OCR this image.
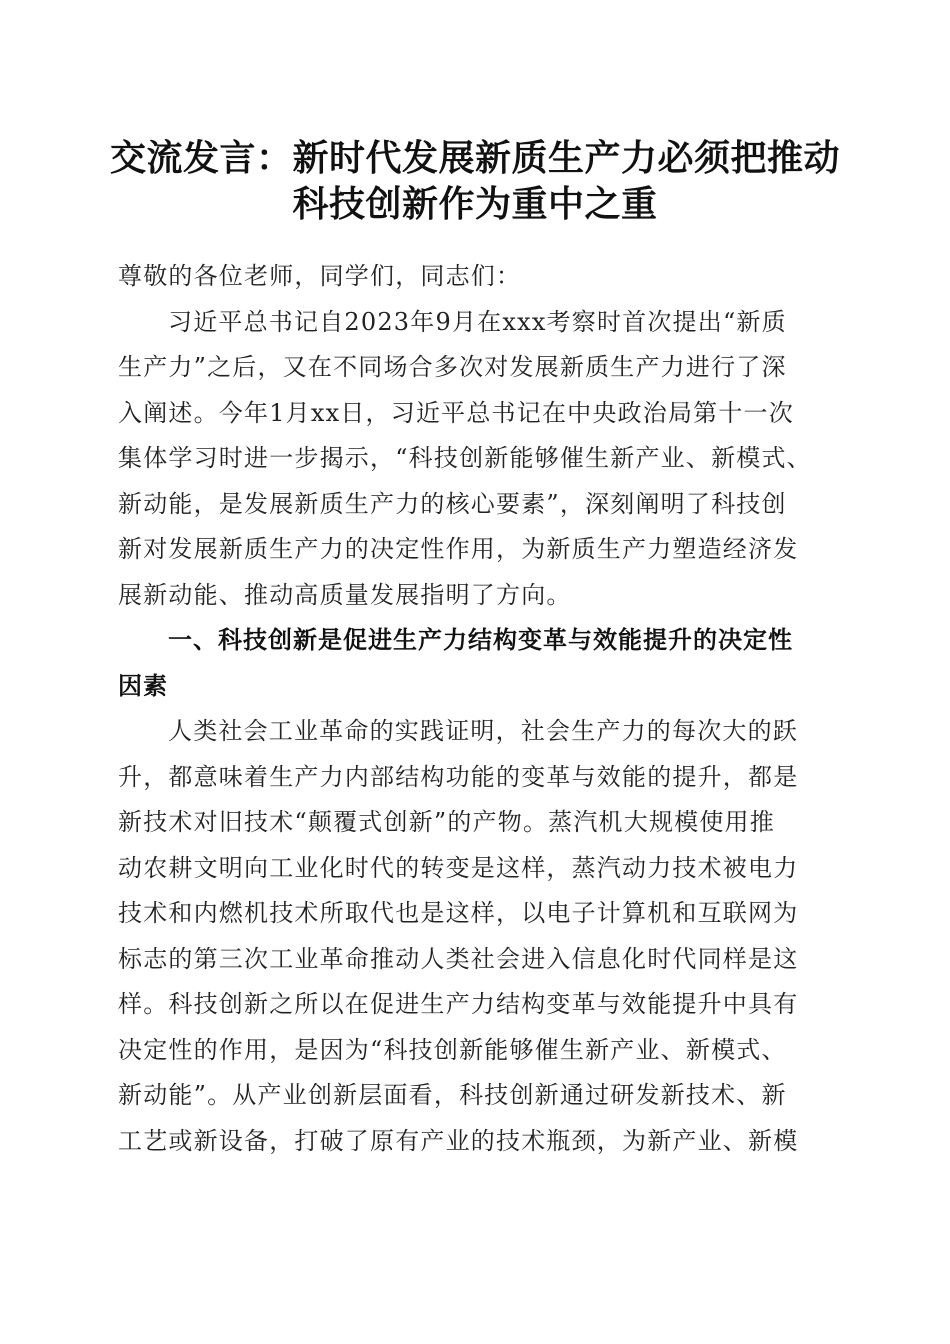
交流发言：新时代发展新质生产力必须把推动
科技创新作为重中之重
尊敬的各位老师，同学们，同志们：
习近平总书记自2023年9月在xxx考察时首次提出“新质
生产力”之后，又在不同场合多次对发展新质生产力进行了深
入阐述。今年1月xx日，习近平总书记在中央政治局第十一次
集体学习时进一步揭示，“科技创新能够催生新产业、新模式、
新动能，是发展新质生产力的核心要素”，深刻阐明了科技创
新对发展新质生产力的决定性作用，为新质生产力塑造经济发
展新动能、推动高质量发展指明了方向。
一、科技创新是促进生产力结构变革与效能提升的决定性
因素
人类社会工业革命的实践证明，社会生产力的每次大的跃
升，都意味着生产力内部结构功能的变革与效能的提升，都是
新技术对旧技术“颠覆式创新”的产物。蒸汽机大规模使用推
动农耕文明向工业化时代的转变是这样，蒸汽动力技术被电力
技术和内燃机技术所取代也是这样，以电子计算机和互联网为
标志的第三次工业革命推动人类社会进入信息化时代同样是这
样。科技创新之所以在促进生产力结构变革与效能提升中具有
决定性的作用，是因为“科技创新能够催生新产业、新模式、
新动能”。从产业创新层面看，科技创新通过研发新技术、新
工艺或新设备，打破了原有产业的技术瓶颈，为新产业、新模
